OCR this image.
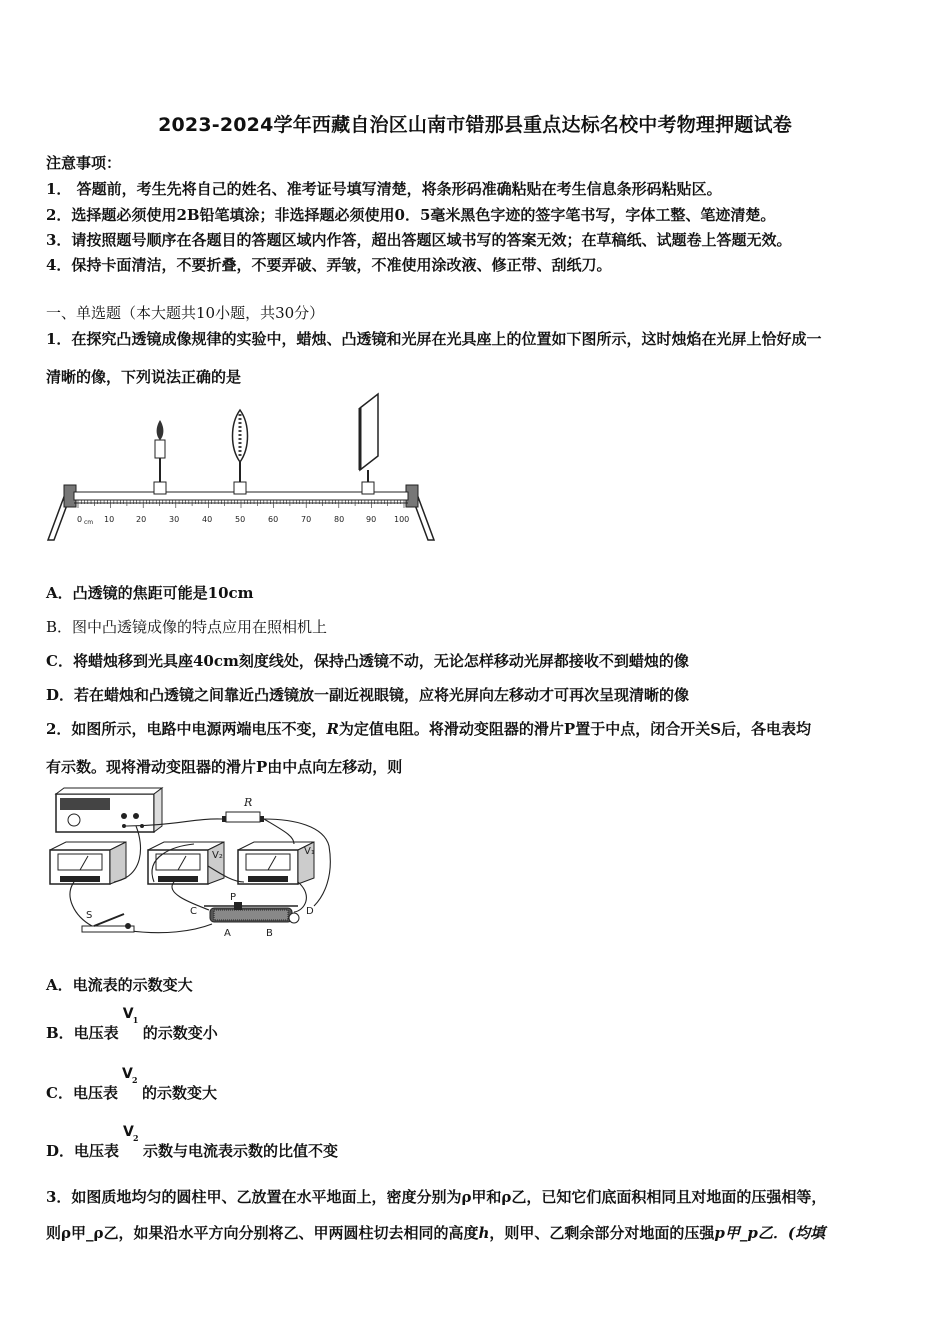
2023-2024学年西藏自治区山南市错那县重点达标名校中考物理押题试卷
注意事项：
1． 答题前，考生先将自己的姓名、准考证号填写清楚，将条形码准确粘贴在考生信息条形码粘贴区。
2．选择题必须使用2B铅笔填涂；非选择题必须使用0．5毫米黑色字迹的签字笔书写，字体工整、笔迹清楚。
3．请按照题号顺序在各题目的答题区域内作答，超出答题区域书写的答案无效；在草稿纸、试题卷上答题无效。
4．保持卡面清洁，不要折叠，不要弄破、弄皱，不准使用涂改液、修正带、刮纸刀。
一、单选题（本大题共10小题，共30分）
1．在探究凸透镜成像规律的实验中，蜡烛、凸透镜和光屏在光具座上的位置如下图所示，这时烛焰在光屏上恰好成一
清晰的像，下列说法正确的是
0 cm 10	20	30	40	50	60	70	80	90 100
A．凸透镜的焦距可能是10cm
B．图中凸透镜成像的特点应用在照相机上
C．将蜡烛移到光具座40cm刻度线处，保持凸透镜不动，无论怎样移动光屏都接收不到蜡烛的像
D．若在蜡烛和凸透镜之间靠近凸透镜放一副近视眼镜，应将光屏向左移动才可再次呈现清晰的像
2．如图所示，电路中电源两端电压不变，R为定值电阻。将滑动变阻器的滑片P置于中点，闭合开关S后，各电表均
有示数。现将滑动变阻器的滑片P由中点向左移动，则
R
V₂	V₁
S	C
P
D
A	B
A．电流表的示数变大
B．电压表
V 1
的示数变小
C．电压表
V 2
的示数变大
D．电压表
V 2
示数与电流表示数的比值不变
3．如图质地均匀的圆柱甲、乙放置在水平地面上，密度分别为ρ甲和ρ乙，已知它们底面积相同且对地面的压强相等，
则ρ甲_ρ乙，如果沿水平方向分别将乙、甲两圆柱切去相同的高度h，则甲、乙剩余部分对地面的压强p甲_p乙．(均填
